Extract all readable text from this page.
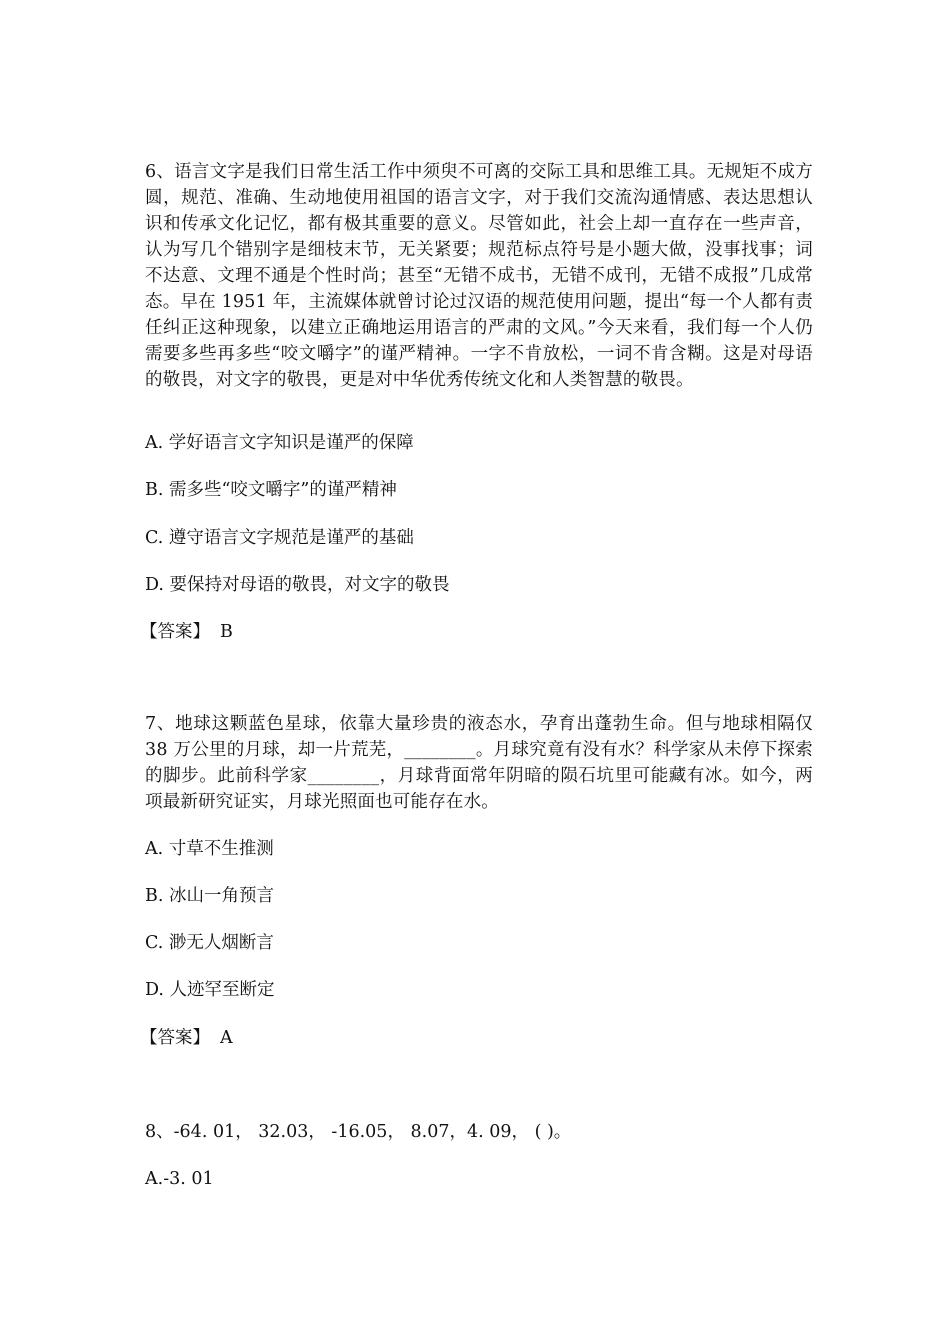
6、语言文字是我们日常生活工作中须臾不可离的交际工具和思维工具。无规矩不成方圆，规范、准确、生动地使用祖国的语言文字，对于我们交流沟通情感、表达思想认识和传承文化记忆，都有极其重要的意义。尽管如此，社会上却一直存在一些声音，认为写几个错别字是细枝末节，无关紧要；规范标点符号是小题大做，没事找事；词不达意、文理不通是个性时尚；甚至“无错不成书，无错不成刊，无错不成报”几成常态。早在 1951 年，主流媒体就曾讨论过汉语的规范使用问题，提出“每一个人都有责任纠正这种现象，以建立正确地运用语言的严肃的文风。”今天来看，我们每一个人仍需要多些再多些“咬文嚼字”的谨严精神。一字不肯放松，一词不肯含糊。这是对母语的敬畏，对文字的敬畏，更是对中华优秀传统文化和人类智慧的敬畏。

A. 学好语言文字知识是谨严的保障

B. 需多些“咬文嚼字”的谨严精神

C. 遵守语言文字规范是谨严的基础

D. 要保持对母语的敬畏，对文字的敬畏

【答案】 B

7、地球这颗蓝色星球，依靠大量珍贵的液态水，孕育出蓬勃生命。但与地球相隔仅 38 万公里的月球，却一片荒芜，________。月球究竟有没有水？科学家从未停下探索的脚步。此前科学家________，月球背面常年阴暗的陨石坑里可能藏有冰。如今，两项最新研究证实，月球光照面也可能存在水。

A. 寸草不生推测

B. 冰山一角预言

C. 渺无人烟断言

D. 人迹罕至断定

【答案】 A

8、-64. 01， 32.03， -16.05， 8.07，4. 09， ( )。

A.-3. 01
